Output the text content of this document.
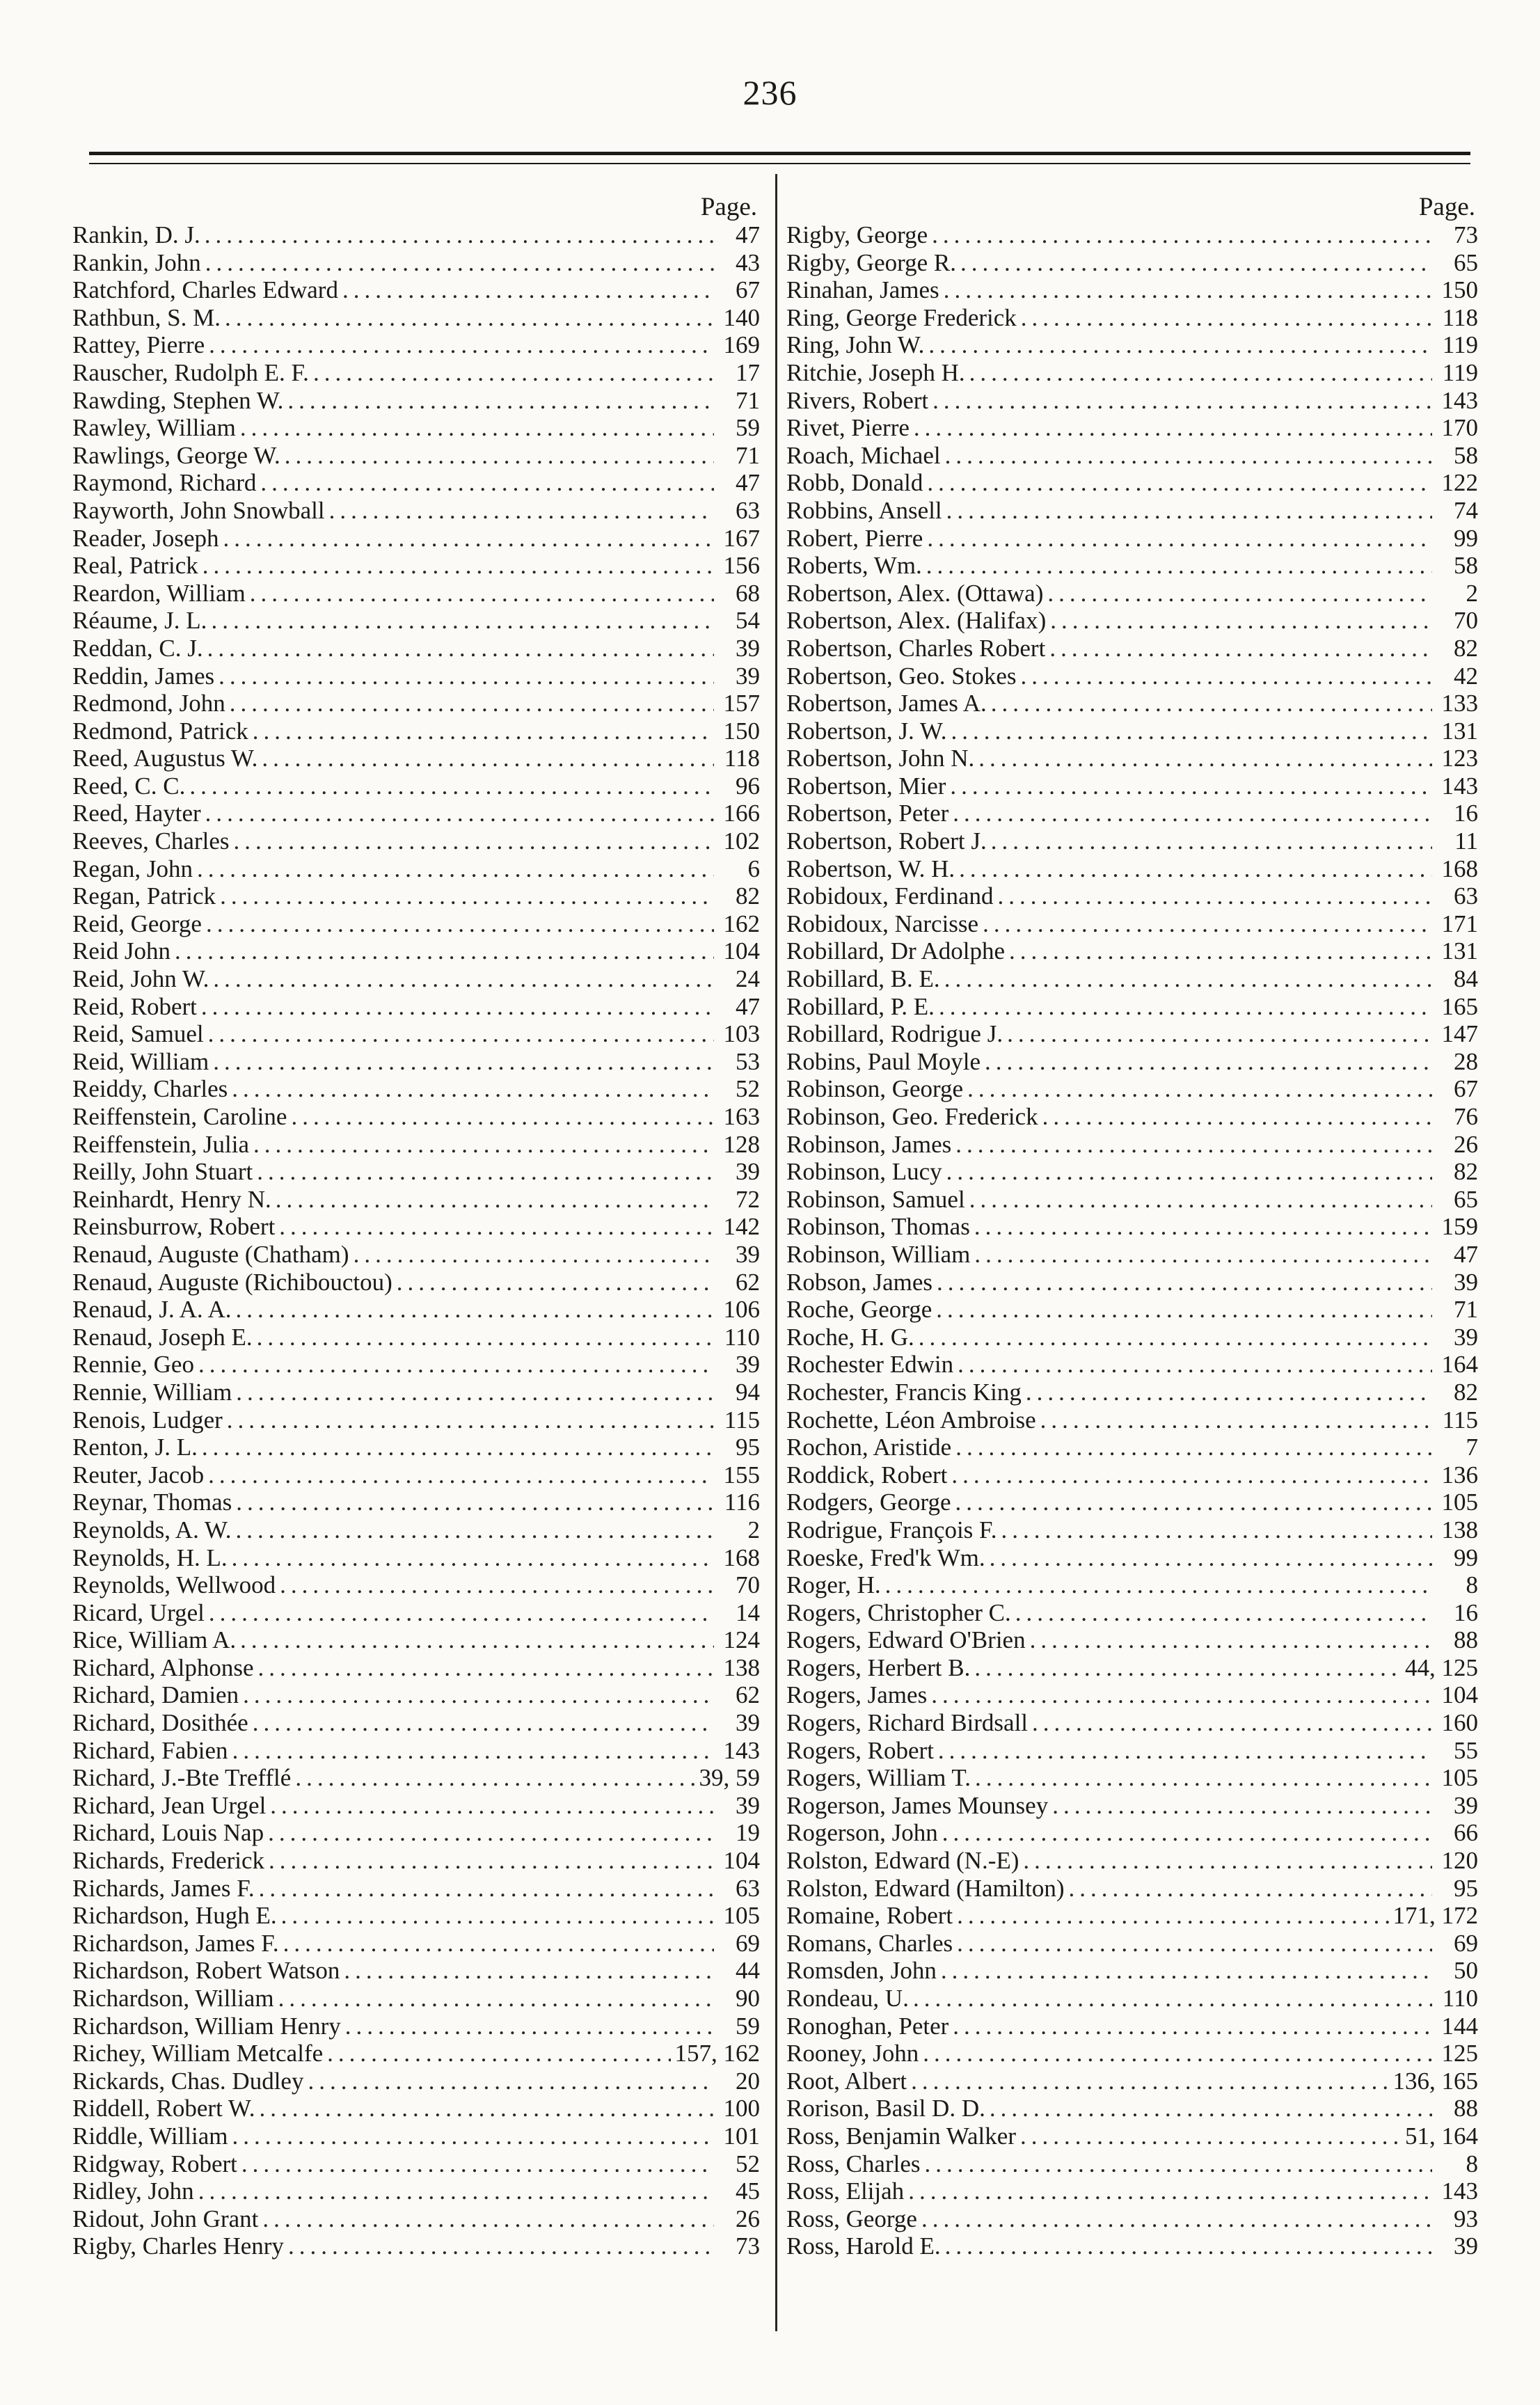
236
Page.
Rankin, D. J. .....	47
Rankin, John .....	43
Ratchford, Charles Edward .....	67
Rathbun, S. M. .....	140
Rattey, Pierre .....	169
Rauscher, Rudolph E. F. .....	17
Rawding, Stephen W. .....	71
Rawley, William .....	59
Rawlings, George W. .....	71
Raymond, Richard .....	47
Rayworth, John Snowball .....	63
Reader, Joseph .....	167
Real, Patrick .....	156
Reardon, William .....	68
Réaume, J. L. .....	54
Reddan, C. J. .....	39
Reddin, James .....	39
Redmond, John .....	157
Redmond, Patrick .....	150
Reed, Augustus W. .....	118
Reed, C. C. .....	96
Reed, Hayter .....	166
Reeves, Charles .....	102
Regan, John .....	6
Regan, Patrick .....	82
Reid, George .....	162
Reid John .....	104
Reid, John W. .....	24
Reid, Robert .....	47
Reid, Samuel .....	103
Reid, William .....	53
Reiddy, Charles .....	52
Reiffenstein, Caroline .....	163
Reiffenstein, Julia .....	128
Reilly, John Stuart .....	39
Reinhardt, Henry N. .....	72
Reinsburrow, Robert .....	142
Renaud, Auguste (Chatham) .....	39
Renaud, Auguste (Richibouctou) .....	62
Renaud, J. A. A. .....	106
Renaud, Joseph E. .....	110
Rennie, Geo .....	39
Rennie, William .....	94
Renois, Ludger .....	115
Renton, J. L. .....	95
Reuter, Jacob .....	155
Reynar, Thomas .....	116
Reynolds, A. W. .....	2
Reynolds, H. L. .....	168
Reynolds, Wellwood .....	70
Ricard, Urgel .....	14
Rice, William A. .....	124
Richard, Alphonse .....	138
Richard, Damien .....	62
Richard, Dosithée .....	39
Richard, Fabien .....	143
Richard, J.-Bte Trefflé .....	39, 59
Richard, Jean Urgel .....	39
Richard, Louis Nap .....	19
Richards, Frederick .....	104
Richards, James F. .....	63
Richardson, Hugh E. .....	105
Richardson, James F. .....	69
Richardson, Robert Watson .....	44
Richardson, William .....	90
Richardson, William Henry .....	59
Richey, William Metcalfe .....	157, 162
Rickards, Chas. Dudley .....	20
Riddell, Robert W. .....	100
Riddle, William .....	101
Ridgway, Robert .....	52
Ridley, John .....	45
Ridout, John Grant .....	26
Rigby, Charles Henry .....	73
Page.
Rigby, George .....	73
Rigby, George R. .....	65
Rinahan, James .....	150
Ring, George Frederick .....	118
Ring, John W. .....	119
Ritchie, Joseph H. .....	119
Rivers, Robert .....	143
Rivet, Pierre .....	170
Roach, Michael .....	58
Robb, Donald .....	122
Robbins, Ansell .....	74
Robert, Pierre .....	99
Roberts, Wm. .....	58
Robertson, Alex. (Ottawa) .....	2
Robertson, Alex. (Halifax) .....	70
Robertson, Charles Robert .....	82
Robertson, Geo. Stokes .....	42
Robertson, James A. .....	133
Robertson, J. W. .....	131
Robertson, John N. .....	123
Robertson, Mier .....	143
Robertson, Peter .....	16
Robertson, Robert J. .....	11
Robertson, W. H. .....	168
Robidoux, Ferdinand .....	63
Robidoux, Narcisse .....	171
Robillard, Dr Adolphe .....	131
Robillard, B. E. .....	84
Robillard, P. E. .....	165
Robillard, Rodrigue J. .....	147
Robins, Paul Moyle .....	28
Robinson, George .....	67
Robinson, Geo. Frederick .....	76
Robinson, James .....	26
Robinson, Lucy .....	82
Robinson, Samuel .....	65
Robinson, Thomas .....	159
Robinson, William .....	47
Robson, James .....	39
Roche, George .....	71
Roche, H. G. .....	39
Rochester Edwin .....	164
Rochester, Francis King .....	82
Rochette, Léon Ambroise .....	115
Rochon, Aristide .....	7
Roddick, Robert .....	136
Rodgers, George .....	105
Rodrigue, François F. .....	138
Roeske, Fred'k Wm. .....	99
Roger, H. .....	8
Rogers, Christopher C. .....	16
Rogers, Edward O'Brien .....	88
Rogers, Herbert B. .....	44, 125
Rogers, James .....	104
Rogers, Richard Birdsall .....	160
Rogers, Robert .....	55
Rogers, William T. .....	105
Rogerson, James Mounsey .....	39
Rogerson, John .....	66
Rolston, Edward (N.-E) .....	120
Rolston, Edward (Hamilton) .....	95
Romaine, Robert .....	171, 172
Romans, Charles .....	69
Romsden, John .....	50
Rondeau, U. .....	110
Ronoghan, Peter .....	144
Rooney, John .....	125
Root, Albert .....	136, 165
Rorison, Basil D. D. .....	88
Ross, Benjamin Walker .....	51, 164
Ross, Charles .....	8
Ross, Elijah .....	143
Ross, George .....	93
Ross, Harold E. .....	39
